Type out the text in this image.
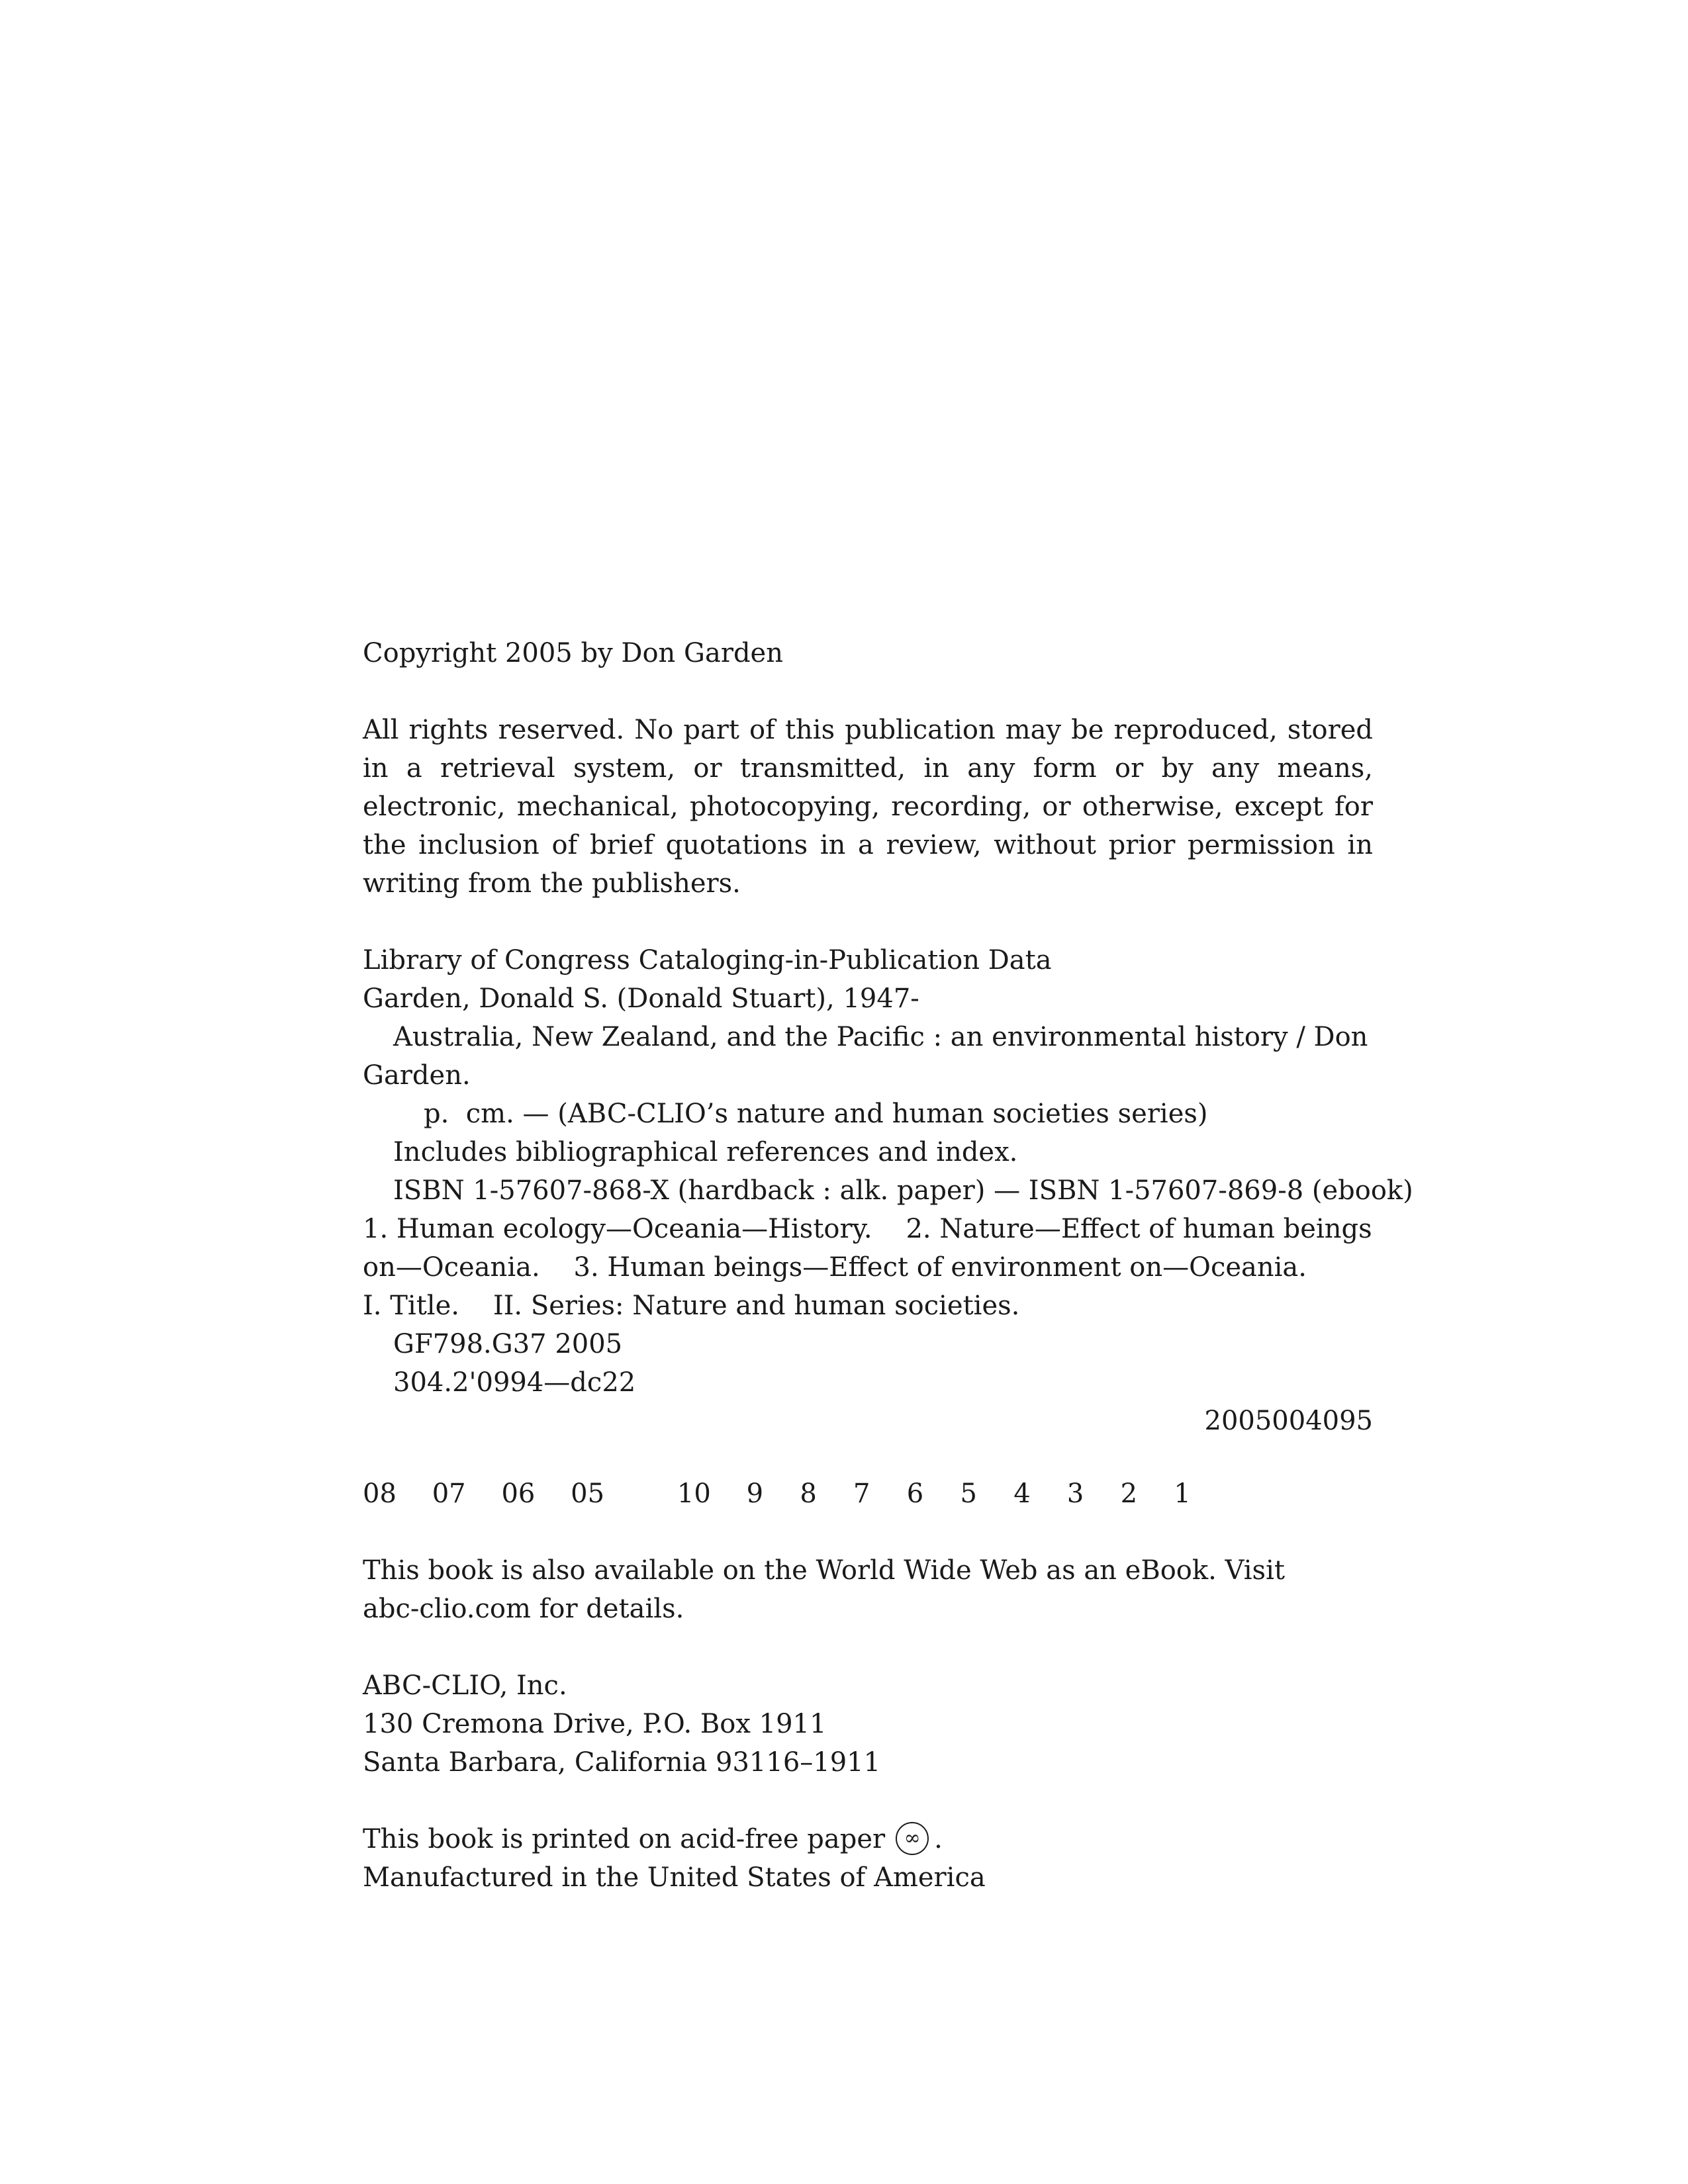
Copyright 2005 by Don Garden
All rights reserved. No part of this publication may be reproduced, stored in a retrieval system, or transmitted, in any form or by any means, electronic, mechanical, photocopying, recording, or otherwise, except for the inclusion of brief quotations in a review, without prior permission in writing from the publishers.
Library of Congress Cataloging-in-Publication Data
Garden, Donald S. (Donald Stuart), 1947-
Australia, New Zealand, and the Pacific : an environmental history / Don
Garden.
p.  cm. — (ABC-CLIO’s nature and human societies series)
Includes bibliographical references and index.
ISBN 1-57607-868-X (hardback : alk. paper) — ISBN 1-57607-869-8 (ebook)
1. Human ecology—Oceania—History.    2. Nature—Effect of human beings
on—Oceania.    3. Human beings—Effect of environment on—Oceania.
I. Title.    II. Series: Nature and human societies.
GF798.G37 2005
304.2'0994—dc22
2005004095
08 07 06 05	10 9 8 7 6 5 4 3 2 1
This book is also available on the World Wide Web as an eBook. Visit
abc-clio.com for details.
ABC-CLIO, Inc.
130 Cremona Drive, P.O. Box 1911
Santa Barbara, California 93116–1911
This book is printed on acid-free paper ∞ .
Manufactured in the United States of America
